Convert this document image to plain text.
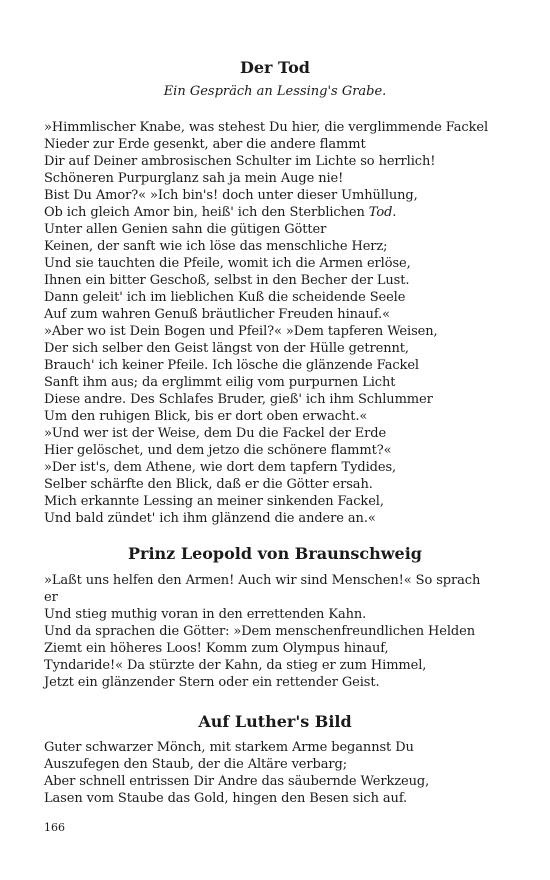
Der Tod

Ein Gespräch an Lessing's Grabe.

»Himmlischer Knabe, was stehest Du hier, die verglimmende Fackel
Nieder zur Erde gesenkt, aber die andere flammt
Dir auf Deiner ambrosischen Schulter im Lichte so herrlich!
Schöneren Purpurglanz sah ja mein Auge nie!
Bist Du Amor?« »Ich bin's! doch unter dieser Umhüllung,
Ob ich gleich Amor bin, heiß' ich den Sterblichen Tod.
Unter allen Genien sahn die gütigen Götter
Keinen, der sanft wie ich löse das menschliche Herz;
Und sie tauchten die Pfeile, womit ich die Armen erlöse,
Ihnen ein bitter Geschoß, selbst in den Becher der Lust.
Dann geleit' ich im lieblichen Kuß die scheidende Seele
Auf zum wahren Genuß bräutlicher Freuden hinauf.«
»Aber wo ist Dein Bogen und Pfeil?« »Dem tapferen Weisen,
Der sich selber den Geist längst von der Hülle getrennt,
Brauch' ich keiner Pfeile. Ich lösche die glänzende Fackel
Sanft ihm aus; da erglimmt eilig vom purpurnen Licht
Diese andre. Des Schlafes Bruder, gieß' ich ihm Schlummer
Um den ruhigen Blick, bis er dort oben erwacht.«
»Und wer ist der Weise, dem Du die Fackel der Erde
Hier gelöschet, und dem jetzo die schönere flammt?«
»Der ist's, dem Athene, wie dort dem tapfern Tydides,
Selber schärfte den Blick, daß er die Götter ersah.
Mich erkannte Lessing an meiner sinkenden Fackel,
Und bald zündet' ich ihm glänzend die andere an.«
Prinz Leopold von Braunschweig
»Laßt uns helfen den Armen! Auch wir sind Menschen!« So sprach
er
Und stieg muthig voran in den errettenden Kahn.
Und da sprachen die Götter: »Dem menschenfreundlichen Helden
Ziemt ein höheres Loos! Komm zum Olympus hinauf,
Tyndaride!« Da stürzte der Kahn, da stieg er zum Himmel,
Jetzt ein glänzender Stern oder ein rettender Geist.
Auf Luther's Bild
Guter schwarzer Mönch, mit starkem Arme begannst Du
Auszufegen den Staub, der die Altäre verbarg;
Aber schnell entrissen Dir Andre das säubernde Werkzeug,
Lasen vom Staube das Gold, hingen den Besen sich auf.
166
